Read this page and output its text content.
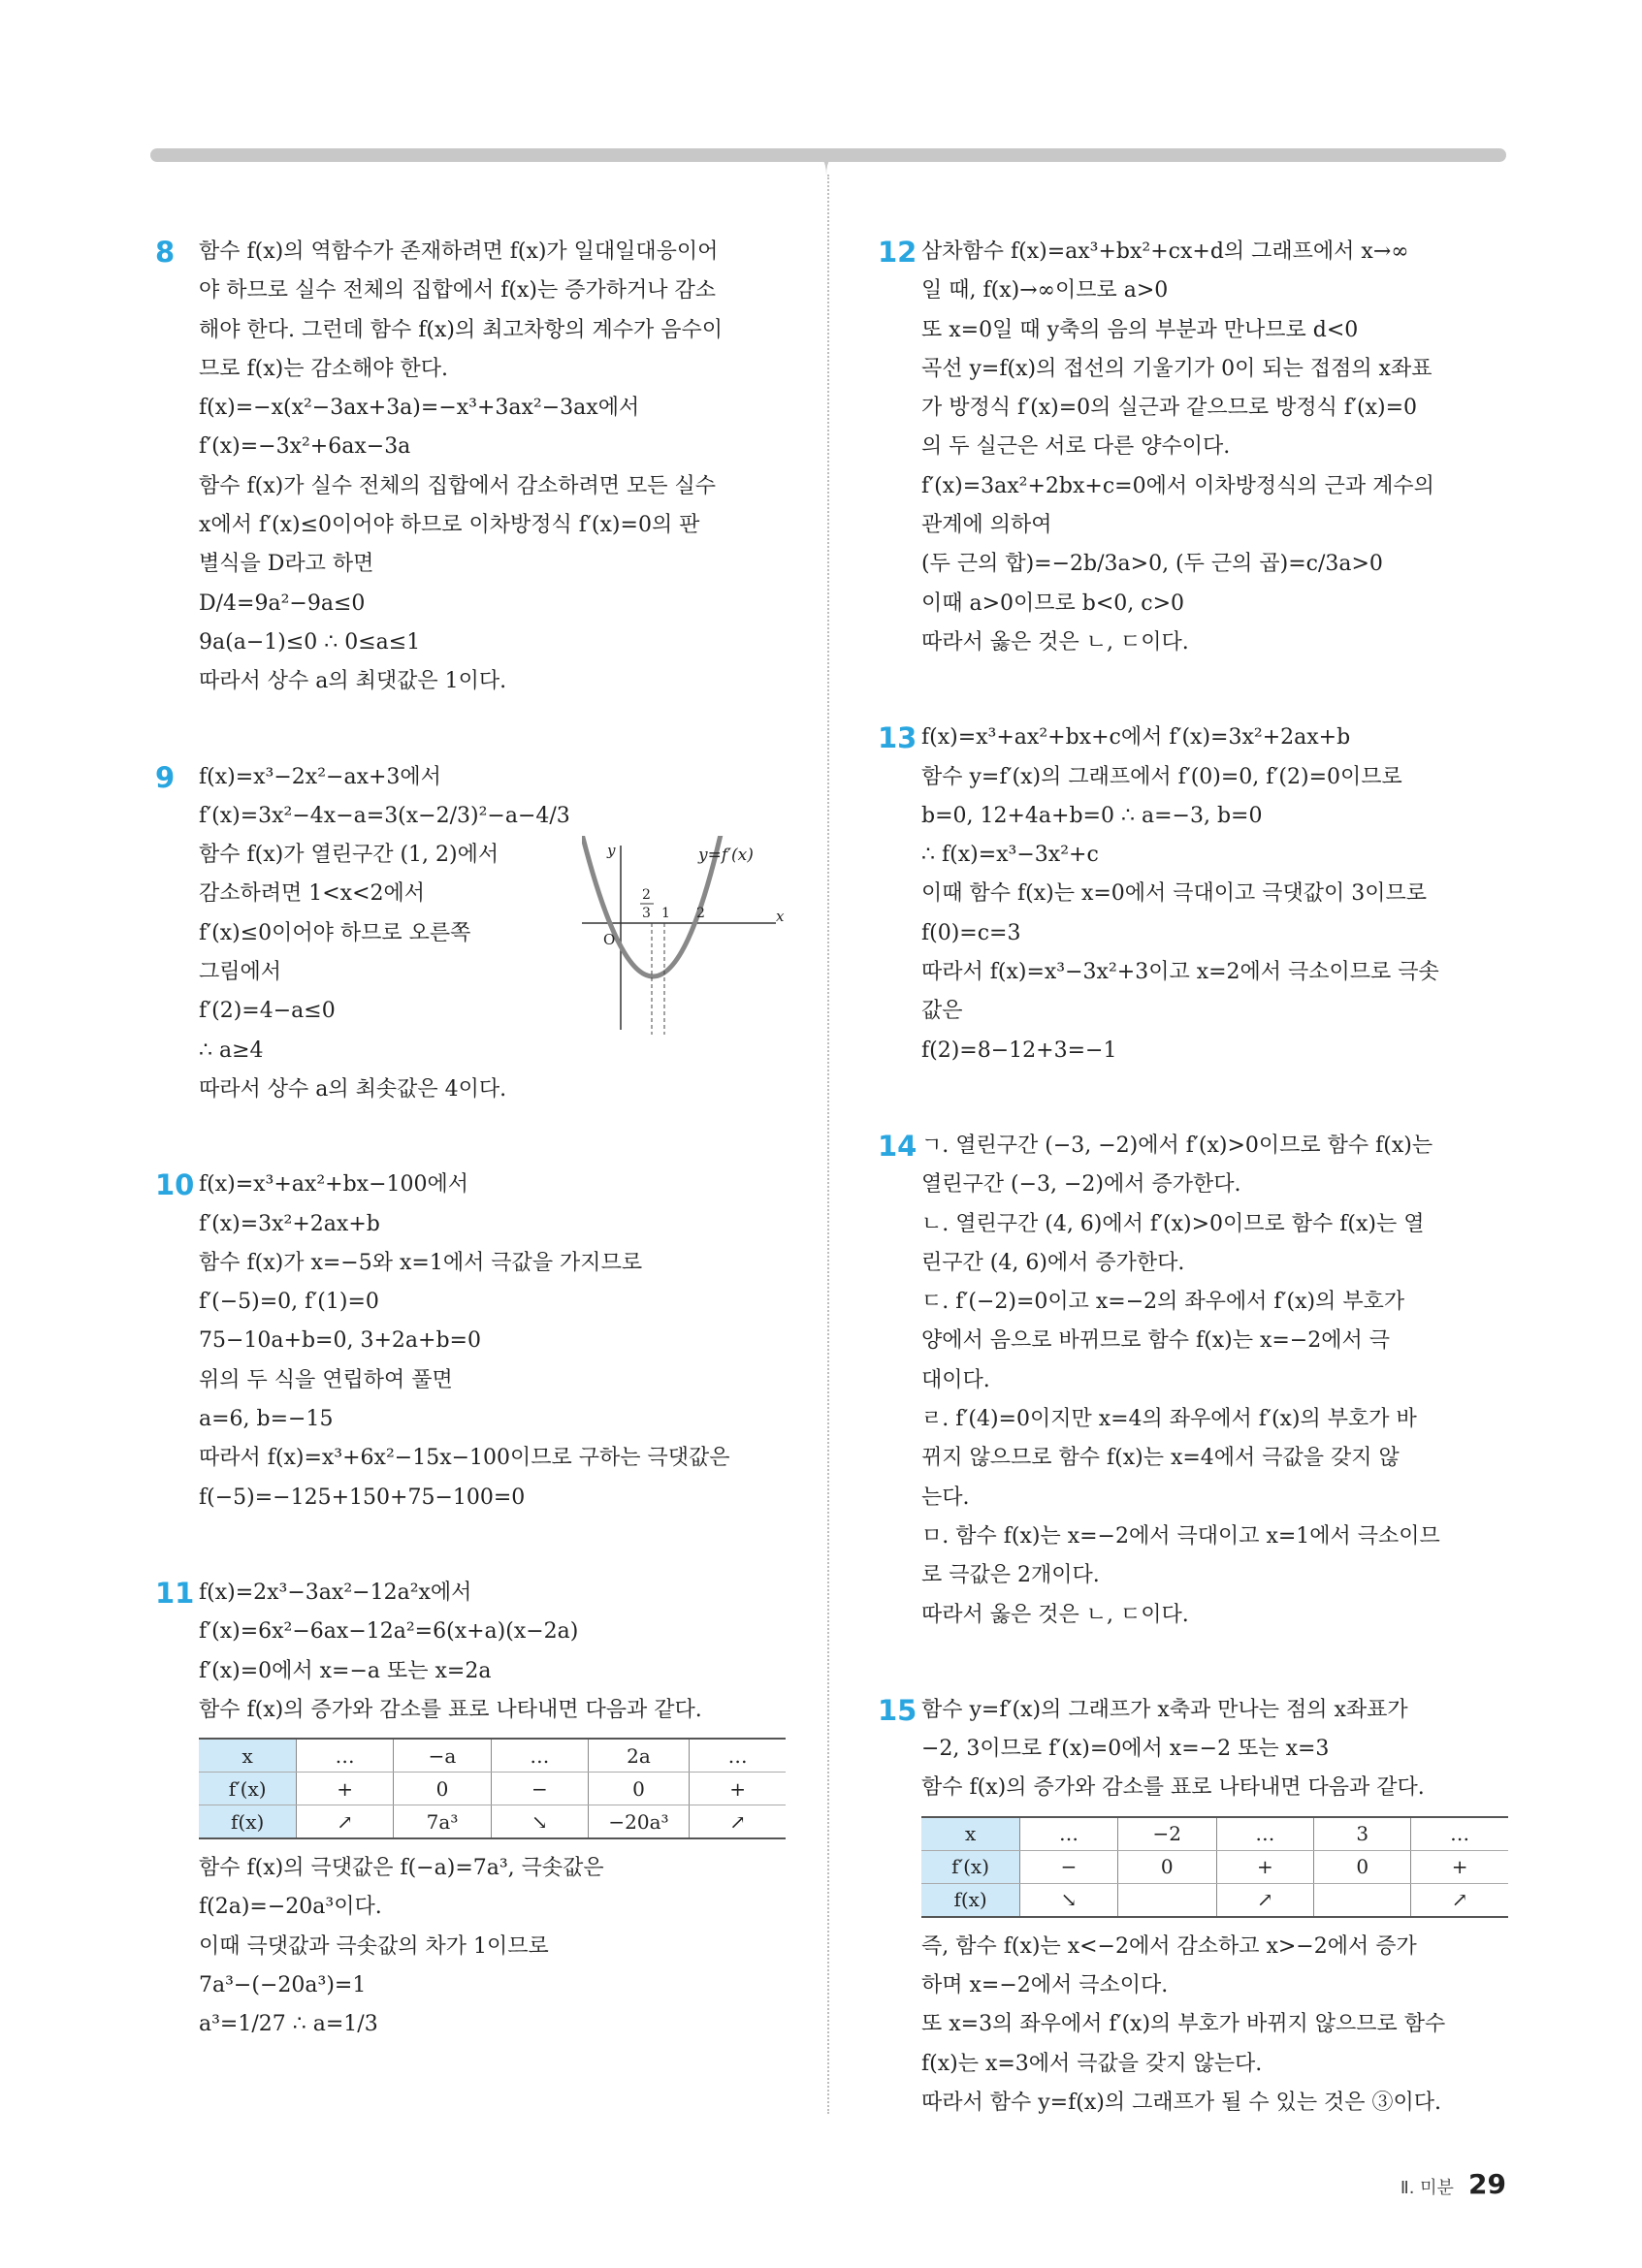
8 함수 f(x)의 역함수가 존재하려면 f(x)가 일대일대응이어
야 하므로 실수 전체의 집합에서 f(x)는 증가하거나 감소
해야 한다. 그런데 함수 f(x)의 최고차항의 계수가 음수이
므로 f(x)는 감소해야 한다.
f(x)=−x(x²−3ax+3a)=−x³+3ax²−3ax에서
f′(x)=−3x²+6ax−3a
함수 f(x)가 실수 전체의 집합에서 감소하려면 모든 실수
x에서 f′(x)≤0이어야 하므로 이차방정식 f′(x)=0의 판
별식을 D라고 하면
D/4=9a²−9a≤0
9a(a−1)≤0 ∴ 0≤a≤1
따라서 상수 a의 최댓값은 1이다.
9 f(x)=x³−2x²−ax+3에서
f′(x)=3x²−4x−a=3(x−2/3)²−a−4/3
함수 f(x)가 열린구간 (1, 2)에서
감소하려면 1<x<2에서
f′(x)≤0이어야 하므로 오른쪽
그림에서
f′(2)=4−a≤0
∴ a≥4
따라서 상수 a의 최솟값은 4이다.
y=f′(x)
y
x
O
2
3 1 2
10 f(x)=x³+ax²+bx−100에서
f′(x)=3x²+2ax+b
함수 f(x)가 x=−5와 x=1에서 극값을 가지므로
f′(−5)=0, f′(1)=0
75−10a+b=0, 3+2a+b=0
위의 두 식을 연립하여 풀면
a=6, b=−15
따라서 f(x)=x³+6x²−15x−100이므로 구하는 극댓값은
f(−5)=−125+150+75−100=0
11 f(x)=2x³−3ax²−12a²x에서
f′(x)=6x²−6ax−12a²=6(x+a)(x−2a)
f′(x)=0에서 x=−a 또는 x=2a
함수 f(x)의 증가와 감소를 표로 나타내면 다음과 같다.
x	…	−a	…	2a	…
f′(x)	+	0	−	0	+
f(x)	↗	7a³	↘	−20a³	↗
함수 f(x)의 극댓값은 f(−a)=7a³, 극솟값은
f(2a)=−20a³이다.
이때 극댓값과 극솟값의 차가 1이므로
7a³−(−20a³)=1
a³=1/27 ∴ a=1/3
12 삼차함수 f(x)=ax³+bx²+cx+d의 그래프에서 x→∞
일 때, f(x)→∞이므로 a>0
또 x=0일 때 y축의 음의 부분과 만나므로 d<0
곡선 y=f(x)의 접선의 기울기가 0이 되는 접점의 x좌표
가 방정식 f′(x)=0의 실근과 같으므로 방정식 f′(x)=0
의 두 실근은 서로 다른 양수이다.
f′(x)=3ax²+2bx+c=0에서 이차방정식의 근과 계수의
관계에 의하여
(두 근의 합)=−2b/3a>0, (두 근의 곱)=c/3a>0
이때 a>0이므로 b<0, c>0
따라서 옳은 것은 ㄴ, ㄷ이다.
13 f(x)=x³+ax²+bx+c에서 f′(x)=3x²+2ax+b
함수 y=f′(x)의 그래프에서 f′(0)=0, f′(2)=0이므로
b=0, 12+4a+b=0 ∴ a=−3, b=0
∴ f(x)=x³−3x²+c
이때 함수 f(x)는 x=0에서 극대이고 극댓값이 3이므로
f(0)=c=3
따라서 f(x)=x³−3x²+3이고 x=2에서 극소이므로 극솟
값은
f(2)=8−12+3=−1
14 ㄱ. 열린구간 (−3, −2)에서 f′(x)>0이므로 함수 f(x)는
열린구간 (−3, −2)에서 증가한다.
ㄴ. 열린구간 (4, 6)에서 f′(x)>0이므로 함수 f(x)는 열
린구간 (4, 6)에서 증가한다.
ㄷ. f′(−2)=0이고 x=−2의 좌우에서 f′(x)의 부호가
양에서 음으로 바뀌므로 함수 f(x)는 x=−2에서 극
대이다.
ㄹ. f′(4)=0이지만 x=4의 좌우에서 f′(x)의 부호가 바
뀌지 않으므로 함수 f(x)는 x=4에서 극값을 갖지 않
는다.
ㅁ. 함수 f(x)는 x=−2에서 극대이고 x=1에서 극소이므
로 극값은 2개이다.
따라서 옳은 것은 ㄴ, ㄷ이다.
15 함수 y=f′(x)의 그래프가 x축과 만나는 점의 x좌표가
−2, 3이므로 f′(x)=0에서 x=−2 또는 x=3
함수 f(x)의 증가와 감소를 표로 나타내면 다음과 같다.
x	…	−2	…	3	…
f′(x)	−	0	+	0	+
f(x)	↘		↗		↗
즉, 함수 f(x)는 x<−2에서 감소하고 x>−2에서 증가
하며 x=−2에서 극소이다.
또 x=3의 좌우에서 f′(x)의 부호가 바뀌지 않으므로 함수
f(x)는 x=3에서 극값을 갖지 않는다.
따라서 함수 y=f(x)의 그래프가 될 수 있는 것은 ③이다.
Ⅱ. 미분 29
